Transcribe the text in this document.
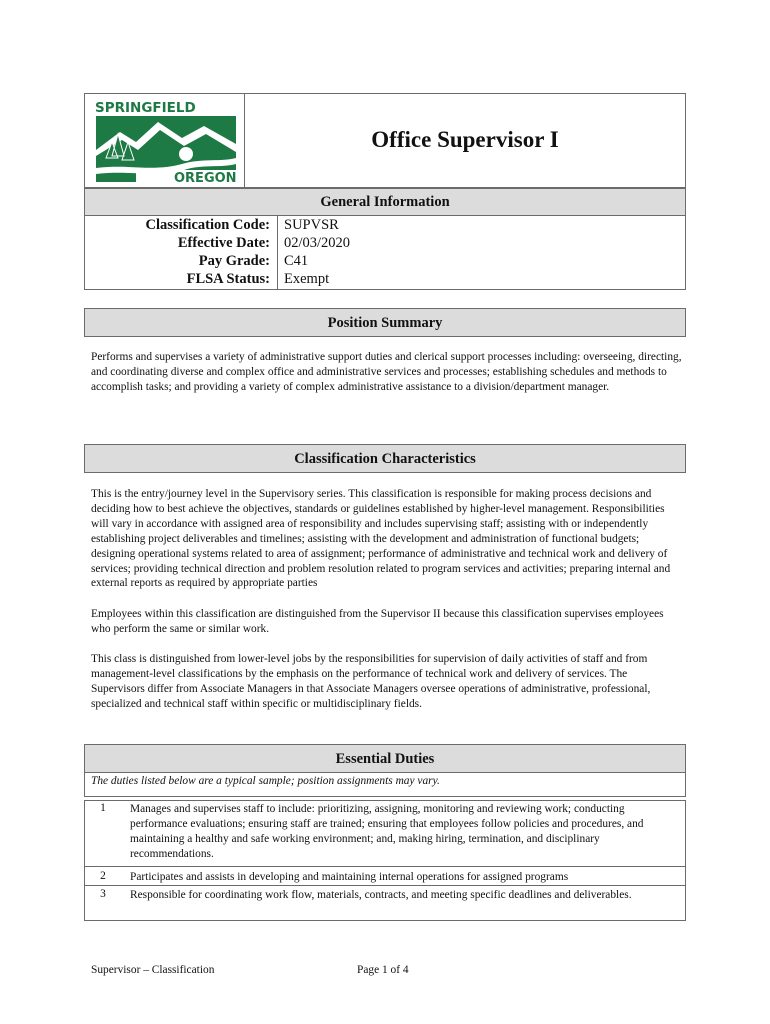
SPRINGFIELD
OREGON
Office Supervisor I
General Information
Classification Code: SUPVSR
Effective Date: 02/03/2020
Pay Grade: C41
FLSA Status: Exempt
Position Summary

Performs and supervises a variety of administrative support duties and clerical support processes including: overseeing, directing, and coordinating diverse and complex office and administrative services and processes; establishing schedules and methods to accomplish tasks; and providing a variety of complex administrative assistance to a division/department manager.

Classification Characteristics

This is the entry/journey level in the Supervisory series. This classification is responsible for making process decisions and deciding how to best achieve the objectives, standards or guidelines established by higher-level management. Responsibilities will vary in accordance with assigned area of responsibility and includes supervising staff; assisting with or independently establishing project deliverables and timelines; assisting with the development and administration of functional budgets; designing operational systems related to area of assignment; performance of administrative and technical work and delivery of services; providing technical direction and problem resolution related to program services and activities; preparing internal and external reports as required by appropriate parties

Employees within this classification are distinguished from the Supervisor II because this classification supervises employees who perform the same or similar work.

This class is distinguished from lower-level jobs by the responsibilities for supervision of daily activities of staff and from management-level classifications by the emphasis on the performance of technical work and delivery of services. The Supervisors differ from Associate Managers in that Associate Managers oversee operations of administrative, professional, specialized and technical staff within specific or multidisciplinary fields.

Essential Duties
The duties listed below are a typical sample; position assignments may vary.
1	Manages and supervises staff to include: prioritizing, assigning, monitoring and reviewing work; conducting performance evaluations; ensuring staff are trained; ensuring that employees follow policies and procedures, and maintaining a healthy and safe working environment; and, making hiring, termination, and disciplinary recommendations.

2	Participates and assists in developing and maintaining internal operations for assigned programs

3	Responsible for coordinating work flow, materials, contracts, and meeting specific deadlines and deliverables.

Supervisor – Classification	Page 1 of 4
